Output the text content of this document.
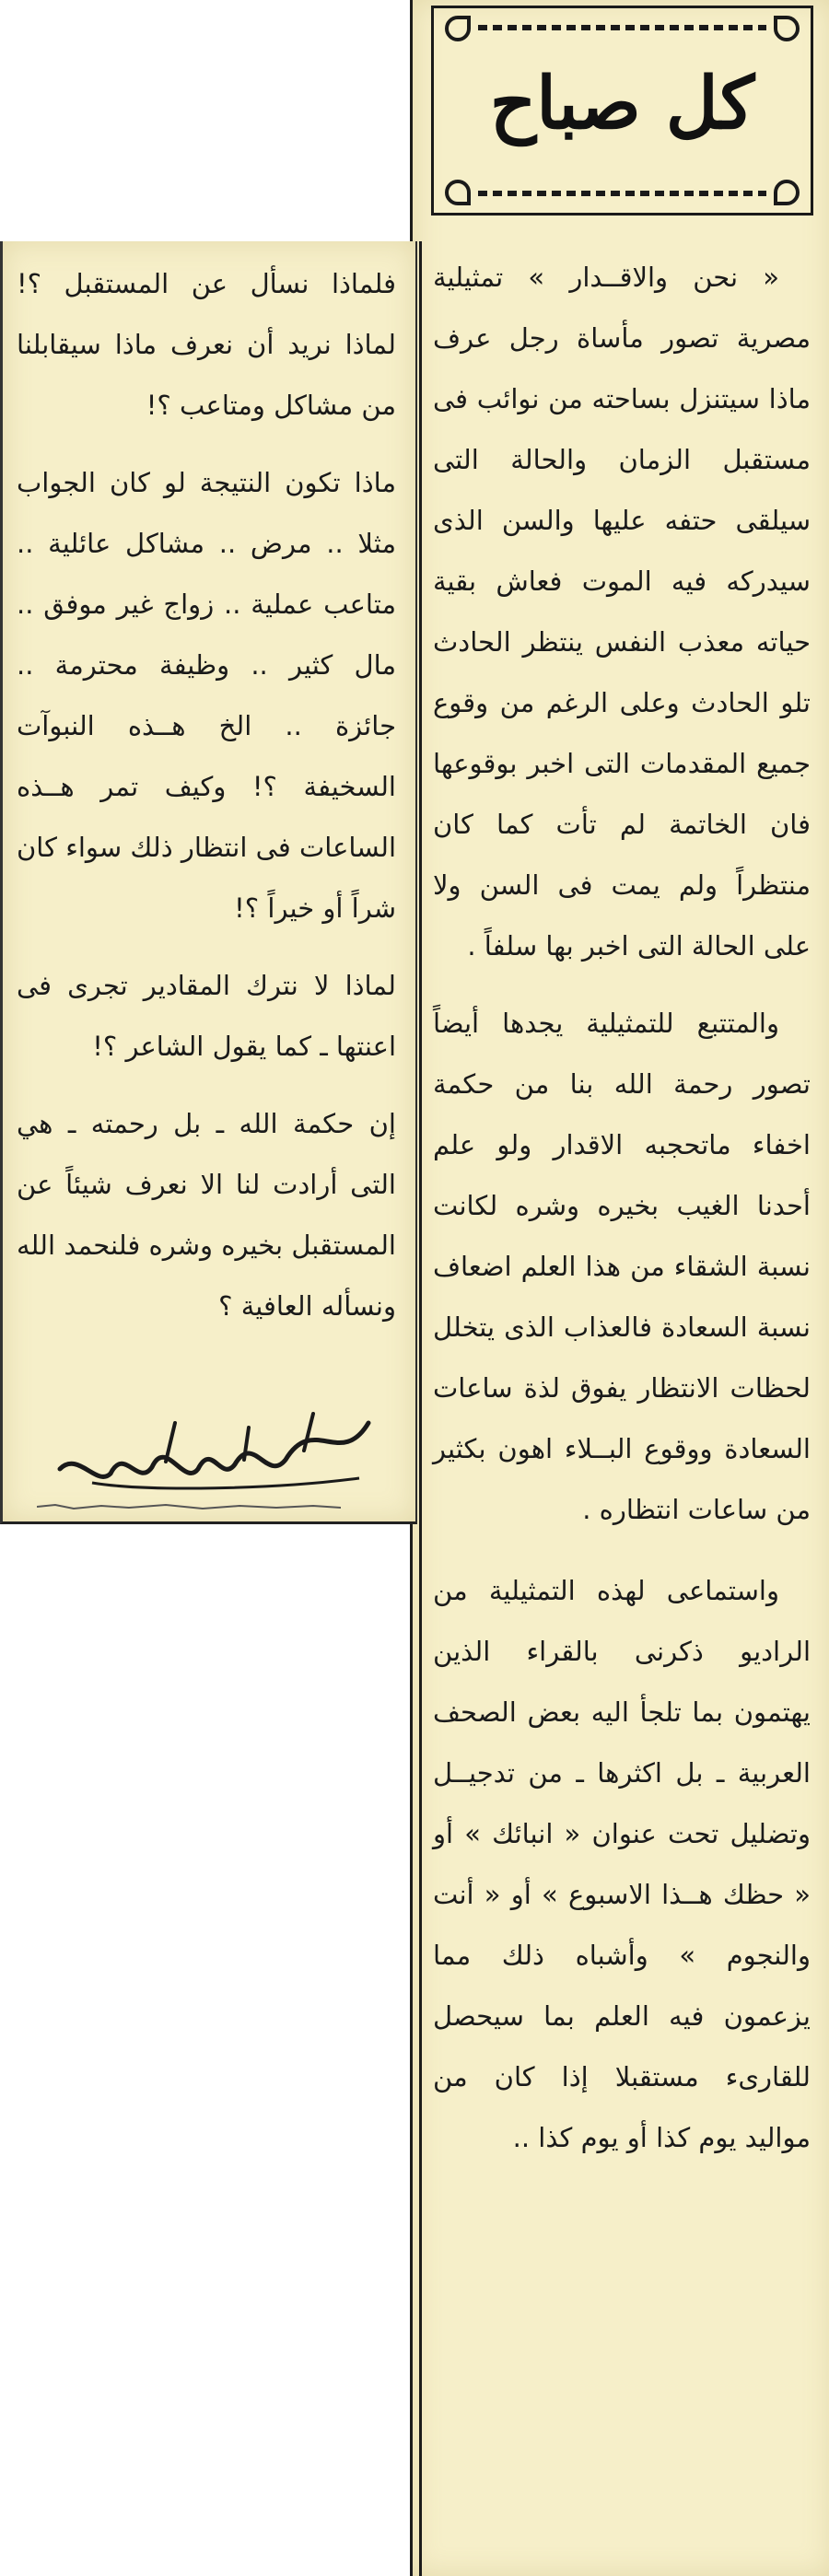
كل صباح

« نحن والاقــدار » تمثيلية مصرية تصور مأساة رجل عرف ماذا سيتنزل بساحته من نوائب فى مستقبل الزمان والحالة التى سيلقى حتفه عليها والسن الذى سيدركه فيه الموت فعاش بقية حياته معذب النفس ينتظر الحادث تلو الحادث وعلى الرغم من وقوع جميع المقدمات التى اخبر بوقوعها فان الخاتمة لم تأت كما كان منتظراً ولم يمت فى السن ولا على الحالة التى اخبر بها سلفاً .

والمتتبع للتمثيلية يجدها أيضاً تصور رحمة الله بنا من حكمة اخفاء ماتحجبه الاقدار ولو علم أحدنا الغيب بخيره وشره لكانت نسبة الشقاء من هذا العلم اضعاف نسبة السعادة فالعذاب الذى يتخلل لحظات الانتظار يفوق لذة ساعات السعادة ووقوع البــلاء اهون بكثير من ساعات انتظاره .

واستماعى لهذه التمثيلية من الراديو ذكرنى بالقراء الذين يهتمون بما تلجأ اليه بعض الصحف العربية ـ بل اكثرها ـ من تدجيــل وتضليل تحت عنوان « انبائك » أو « حظك هــذا الاسبوع » أو « أنت والنجوم » وأشباه ذلك مما يزعمون فيه العلم بما سيحصل للقارىء مستقبلا إذا كان من مواليد يوم كذا أو يوم كذا ..

فلماذا نسأل عن المستقبل ؟! لماذا نريد أن نعرف ماذا سيقابلنا من مشاكل ومتاعب ؟!

ماذا تكون النتيجة لو كان الجواب مثلا .. مرض .. مشاكل عائلية .. متاعب عملية .. زواج غير موفق .. مال كثير .. وظيفة محترمة .. جائزة .. الخ هــذه النبوآت السخيفة ؟! وكيف تمر هــذه الساعات فى انتظار ذلك سواء كان شراً أو خيراً ؟!

لماذا لا نترك المقادير تجرى فى اعنتها ـ كما يقول الشاعر ؟!

إن حكمة الله ـ بل رحمته ـ هي التى أرادت لنا الا نعرف شيئاً عن المستقبل بخيره وشره فلنحمد الله ونسأله العافية ؟
